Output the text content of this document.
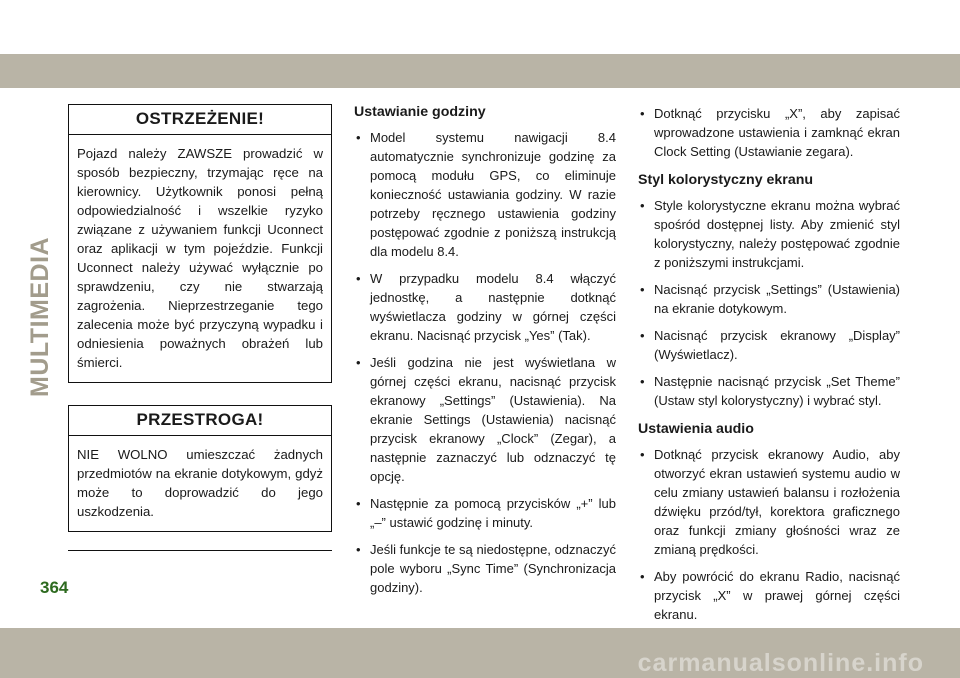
MULTIMEDIA
OSTRZEŻENIE!
Pojazd należy ZAWSZE prowadzić w sposób bezpieczny, trzymając ręce na kierownicy. Użytkownik ponosi pełną odpowiedzialność i wszelkie ryzyko związane z używaniem funkcji Uconnect oraz aplikacji w tym pojeździe. Funkcji Uconnect należy używać wyłącznie po sprawdzeniu, czy nie stwarzają zagrożenia. Nieprzestrzeganie tego zalecenia może być przyczyną wypadku i odniesienia poważnych obrażeń lub śmierci.
PRZESTROGA!
NIE WOLNO umieszczać żadnych przedmiotów na ekranie dotykowym, gdyż może to doprowadzić do jego uszkodzenia.
Ustawianie godziny
• Model systemu nawigacji 8.4 automatycznie synchronizuje godzinę za pomocą modułu GPS, co eliminuje konieczność ustawiania godziny. W razie potrzeby ręcznego ustawienia godziny postępować zgodnie z poniższą instrukcją dla modelu 8.4.
• W przypadku modelu 8.4 włączyć jednostkę, a następnie dotknąć wyświetlacza godziny w górnej części ekranu. Nacisnąć przycisk „Yes” (Tak).
• Jeśli godzina nie jest wyświetlana w górnej części ekranu, nacisnąć przycisk ekranowy „Settings” (Ustawienia). Na ekranie Settings (Ustawienia) nacisnąć przycisk ekranowy „Clock” (Zegar), a następnie zaznaczyć lub odznaczyć tę opcję.
• Następnie za pomocą przycisków „+” lub „–” ustawić godzinę i minuty.
• Jeśli funkcje te są niedostępne, odznaczyć pole wyboru „Sync Time” (Synchronizacja godziny).
• Dotknąć przycisku „X”, aby zapisać wprowadzone ustawienia i zamknąć ekran Clock Setting (Ustawianie zegara).
Styl kolorystyczny ekranu
• Style kolorystyczne ekranu można wybrać spośród dostępnej listy. Aby zmienić styl kolorystyczny, należy postępować zgodnie z poniższymi instrukcjami.
• Nacisnąć przycisk „Settings” (Ustawienia) na ekranie dotykowym.
• Nacisnąć przycisk ekranowy „Display” (Wyświetlacz).
• Następnie nacisnąć przycisk „Set Theme” (Ustaw styl kolorystyczny) i wybrać styl.
Ustawienia audio
• Dotknąć przycisk ekranowy Audio, aby otworzyć ekran ustawień systemu audio w celu zmiany ustawień balansu i rozłożenia dźwięku przód/tył, korektora graficznego oraz funkcji zmiany głośności wraz ze zmianą prędkości.
• Aby powrócić do ekranu Radio, nacisnąć przycisk „X” w prawej górnej części ekranu.
364
carmanualsonline.info
